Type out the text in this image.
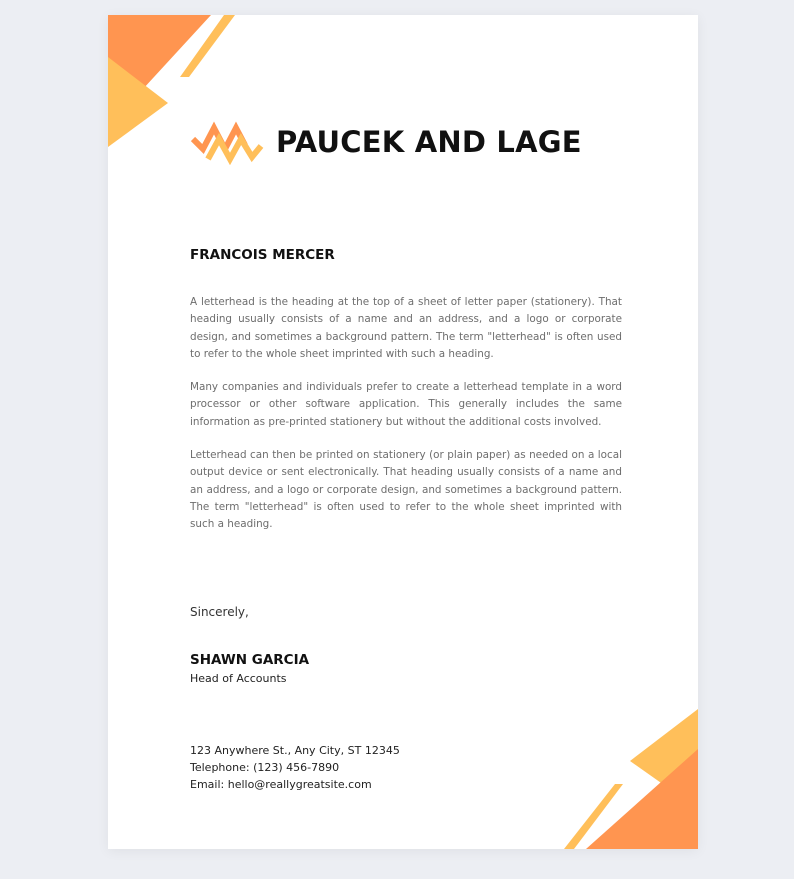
PAUCEK AND LAGE
FRANCOIS MERCER

A letterhead is the heading at the top of a sheet of letter paper (stationery). That heading usually consists of a name and an address, and a logo or corporate design, and sometimes a background pattern. The term "letterhead" is often used to refer to the whole sheet imprinted with such a heading.

Many companies and individuals prefer to create a letterhead template in a word processor or other software application. This generally includes the same information as pre-printed stationery but without the additional costs involved.

Letterhead can then be printed on stationery (or plain paper) as needed on a local output device or sent electronically. That heading usually consists of a name and an address, and a logo or corporate design, and sometimes a background pattern. The term "letterhead" is often used to refer to the whole sheet imprinted with such a heading.

Sincerely,
SHAWN GARCIA
Head of Accounts
123 Anywhere St., Any City, ST 12345
Telephone: (123) 456-7890
Email: hello@reallygreatsite.com
